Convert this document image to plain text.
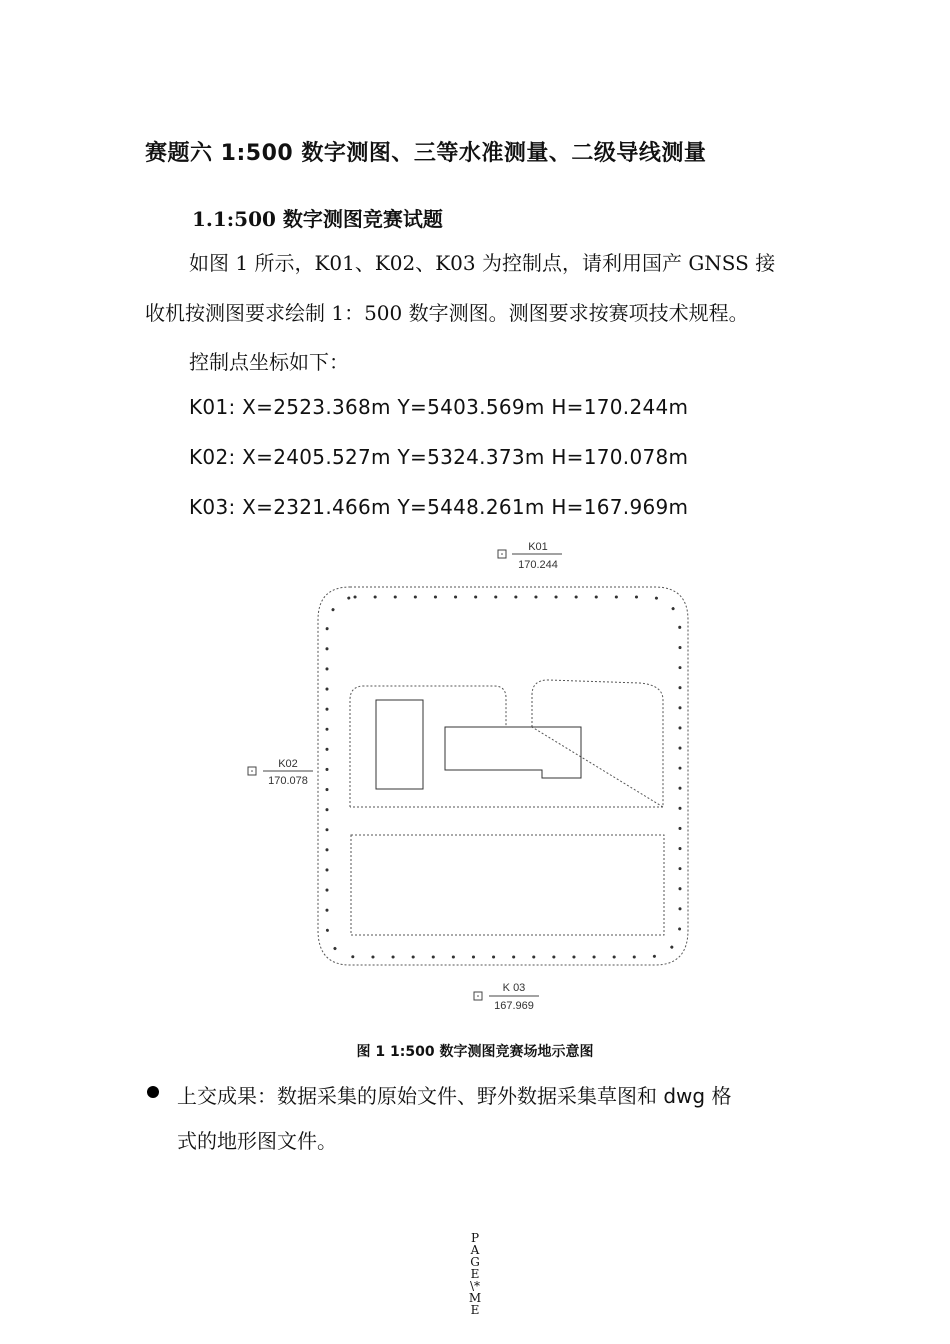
赛题六 1:500 数字测图、三等水准测量、二级导线测量
1.1:500 数字测图竞赛试题
如图 1 所示，K01、K02、K03 为控制点，请利用国产 GNSS 接
收机按测图要求绘制 1：500 数字测图。测图要求按赛项技术规程。
控制点坐标如下：
K01: X=2523.368m Y=5403.569m H=170.244m
K02: X=2405.527m Y=5324.373m H=170.078m
K03: X=2321.466m Y=5448.261m H=167.969m
K01
170.244
K02
170.078
K 03
167.969
图 1 1:500 数字测图竞赛场地示意图
上交成果：数据采集的原始文件、野外数据采集草图和 dwg 格
式的地形图文件。
P
A
G
E
\*
M
E
